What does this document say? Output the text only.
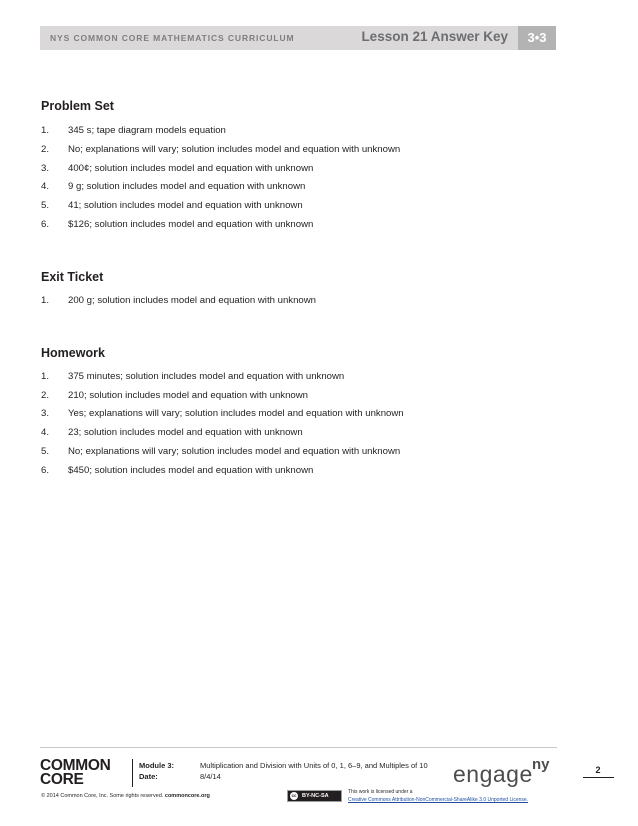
NYS COMMON CORE MATHEMATICS CURRICULUM	Lesson 21 Answer Key	3•3
Problem Set
1. 345 s; tape diagram models equation
2. No; explanations will vary; solution includes model and equation with unknown
3. 400¢; solution includes model and equation with unknown
4. 9 g; solution includes model and equation with unknown
5. 41; solution includes model and equation with unknown
6. $126; solution includes model and equation with unknown
Exit Ticket
1. 200 g; solution includes model and equation with unknown
Homework
1. 375 minutes; solution includes model and equation with unknown
2. 210; solution includes model and equation with unknown
3. Yes; explanations will vary; solution includes model and equation with unknown
4. 23; solution includes model and equation with unknown
5. No; explanations will vary; solution includes model and equation with unknown
6. $450; solution includes model and equation with unknown
COMMON
CORE
Module 3:	Multiplication and Division with Units of 0, 1, 6–9, and Multiples of 10
Date:	8/4/14	engage ny	2
© 2014 Common Core, Inc. Some rights reserved. commoncore.org	cc BY-NC-SA
This work is licensed under a
Creative Commons Attribution-NonCommercial-ShareAlike 3.0 Unported License.
